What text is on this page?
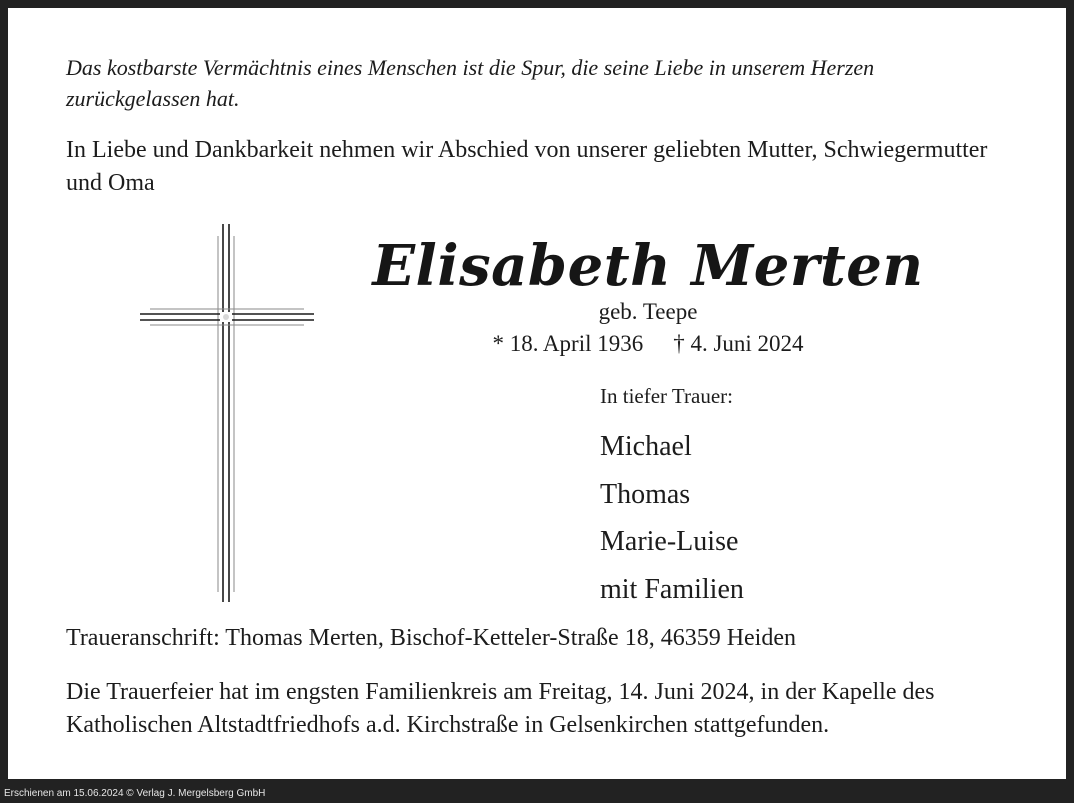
Das kostbarste Vermächtnis eines Menschen ist die Spur, die seine Liebe in unserem Herzen zurückgelassen hat.

In Liebe und Dankbarkeit nehmen wir Abschied von unserer geliebten Mutter, Schwiegermutter und Oma

Elisabeth Merten

geb. Teepe

* 18. April 1936 † 4. Juni 2024

In tiefer Trauer:

Michael
Thomas
Marie-Luise
mit Familien

Traueranschrift: Thomas Merten, Bischof-Ketteler-Straße 18, 46359 Heiden

Die Trauerfeier hat im engsten Familienkreis am Freitag, 14. Juni 2024, in der Kapelle des Katholischen Altstadtfriedhofs a.d. Kirchstraße in Gelsenkirchen stattgefunden.

Erschienen am 15.06.2024 © Verlag J. Mergelsberg GmbH
